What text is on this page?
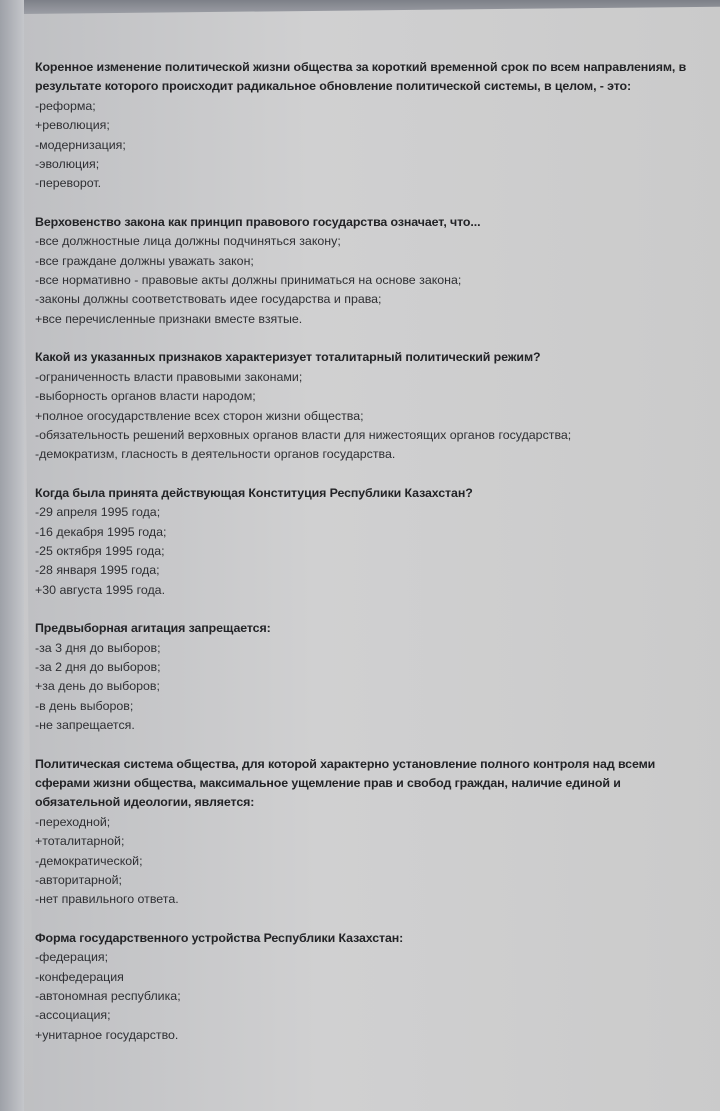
Коренное изменение политической жизни общества за короткий временной срок по всем направлениям, в результате которого происходит радикальное обновление политической системы, в целом, - это:
-реформа;
+революция;
-модернизация;
-эволюция;
-переворот.
Верховенство закона как принцип правового государства означает, что...
-все должностные лица должны подчиняться закону;
-все граждане должны уважать закон;
-все нормативно - правовые акты должны приниматься на основе закона;
-законы должны соответствовать идее государства и права;
+все перечисленные признаки вместе взятые.
Какой из указанных признаков характеризует тоталитарный политический режим?
-ограниченность власти правовыми законами;
-выборность органов власти народом;
+полное огосударствление всех сторон жизни общества;
-обязательность решений верховных органов власти для нижестоящих органов государства;
-демократизм, гласность в деятельности органов государства.
Когда была принята действующая Конституция Республики Казахстан?
-29 апреля 1995 года;
-16 декабря 1995 года;
-25 октября 1995 года;
-28 января 1995 года;
+30 августа 1995 года.
Предвыборная агитация запрещается:
-за 3 дня до выборов;
-за 2 дня до выборов;
+за день до выборов;
-в день выборов;
-не запрещается.
Политическая система общества, для которой характерно установление полного контроля над всеми сферами жизни общества, максимальное ущемление прав и свобод граждан, наличие единой и обязательной идеологии, является:
-переходной;
+тоталитарной;
-демократической;
-авторитарной;
-нет правильного ответа.
Форма государственного устройства Республики Казахстан:
-федерация;
-конфедерация
-автономная республика;
-ассоциация;
+унитарное государство.
